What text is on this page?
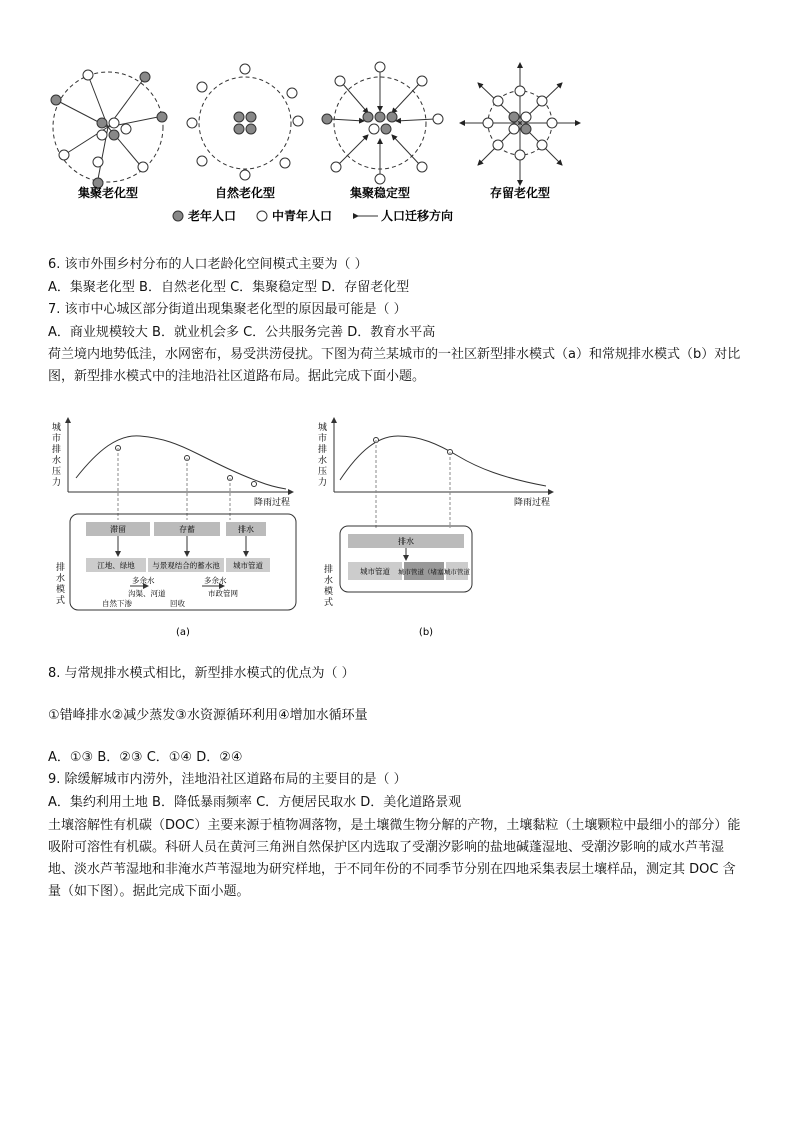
集聚老化型	自然老化型	集聚稳定型	存留老化型
老年人口	中青年人口	人口迁移方向
6. 该市外围乡村分布的人口老龄化空间模式主要为（ ）
A．集聚老化型 B．自然老化型 C．集聚稳定型 D．存留老化型
7. 该市中心城区部分街道出现集聚老化型的原因最可能是（ ）
A．商业规模较大 B．就业机会多 C．公共服务完善 D．教育水平高
荷兰境内地势低洼，水网密布，易受洪涝侵扰。下图为荷兰某城市的一社区新型排水模式（a）和常规排水模式（b）对比图，新型排水模式中的洼地沿社区道路布局。据此完成下面小题。
城市排水压力
降雨过程
排水模式
滞留	存蓄	排水
江地、绿地 与景观结合的蓄水池 城市管道
多余水	多余水
沟渠、河道	市政管网
自然下渗	回收
(a)
城市排水压力
降雨过程
排水模式
排水
城市管道 城市管道（堵塞）
城市管道
(b)
8. 与常规排水模式相比，新型排水模式的优点为（ ）
①错峰排水②减少蒸发③水资源循环利用④增加水循环量
A．①③ B．②③ C．①④ D．②④
9. 除缓解城市内涝外，洼地沿社区道路布局的主要目的是（ ）
A．集约利用土地 B．降低暴雨频率 C．方便居民取水 D．美化道路景观
土壤溶解性有机碳（DOC）主要来源于植物凋落物，是土壤微生物分解的产物，土壤黏粒（土壤颗粒中最细小的部分）能吸附可溶性有机碳。科研人员在黄河三角洲自然保护区内选取了受潮汐影响的盐地碱蓬湿地、受潮汐影响的咸水芦苇湿地、淡水芦苇湿地和非淹水芦苇湿地为研究样地，于不同年份的不同季节分别在四地采集表层土壤样品，测定其 DOC 含量（如下图）。据此完成下面小题。
